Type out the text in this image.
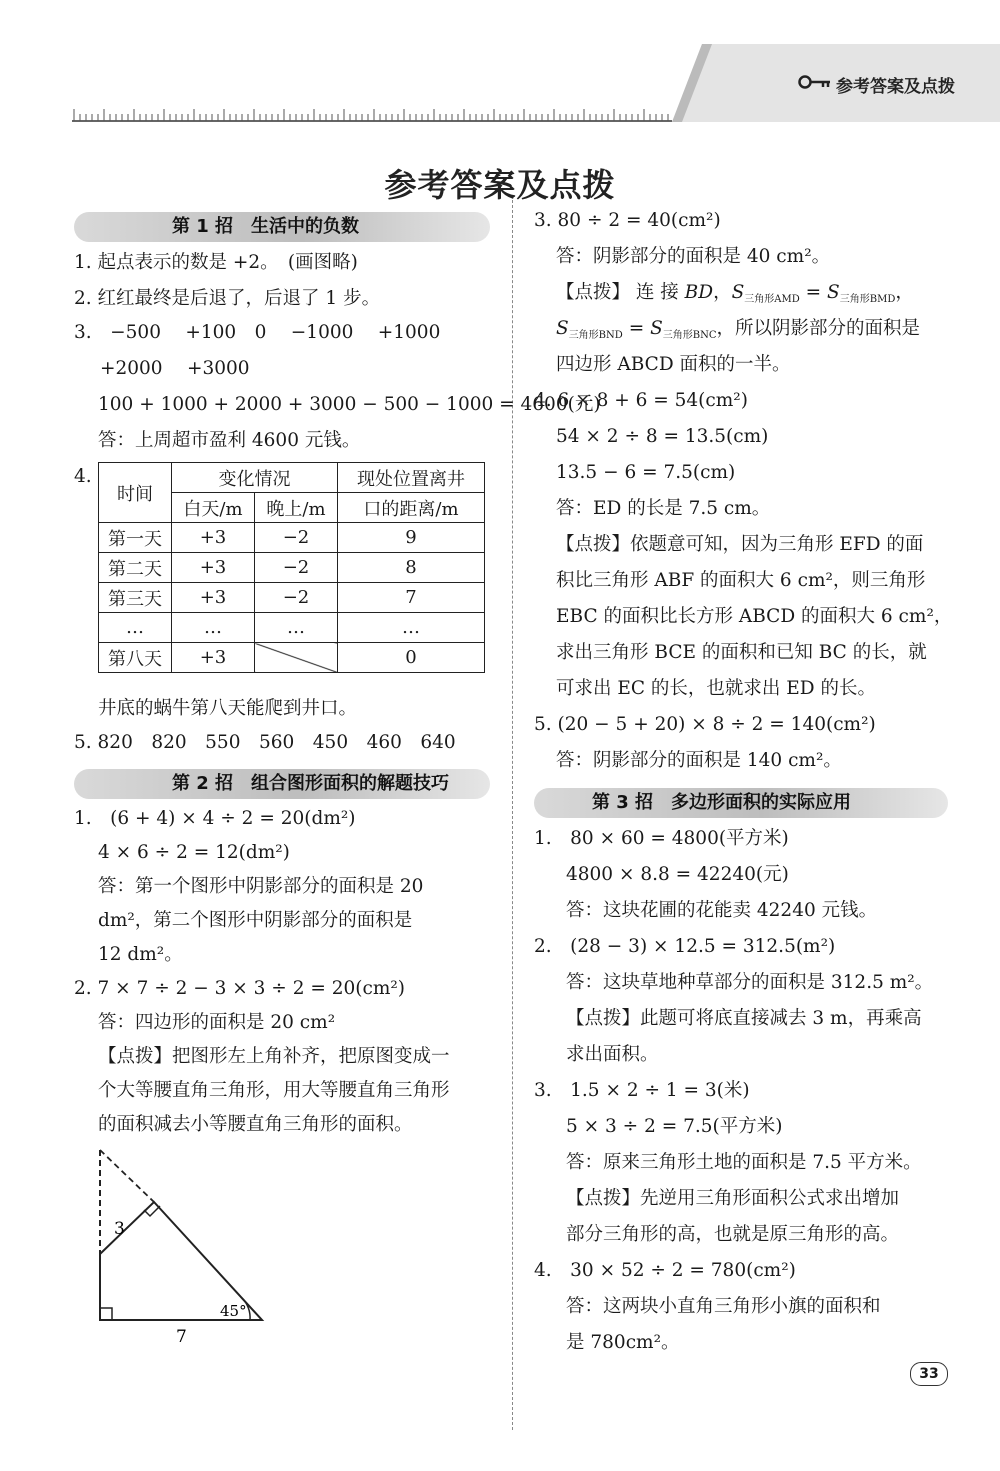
参考答案及点拨
参考答案及点拨
第 1 招　生活中的负数
第 2 招　组合图形面积的解题技巧
第 3 招　多边形面积的实际应用
1. 起点表示的数是 +2。　(画图略)
2. 红红最终是后退了，后退了 1 步。
3.　−500　 +100　0　 −1000　 +1000
+2000　 +3000
100 + 1000 + 2000 + 3000 − 500 − 1000 = 4600(元)
答：上周超市盈利 4600 元钱。
4.
时间	变化情况		现处位置离井
	白天/m	晚上/m	口的距离/m
第一天	+3	−2	9
第二天	+3	−2	8
第三天	+3	−2	7
…	…	…	…
第八天	+3		0
井底的蜗牛第八天能爬到井口。
5. 820　820　550　560　450　460　640
1.　(6 + 4) × 4 ÷ 2 = 20(dm²)
4 × 6 ÷ 2 = 12(dm²)
答：第一个图形中阴影部分的面积是 20
dm²，第二个图形中阴影部分的面积是
12 dm²。
2. 7 × 7 ÷ 2 − 3 × 3 ÷ 2 = 20(cm²)
答：四边形的面积是 20 cm²
【点拨】把图形左上角补齐，把原图变成一
个大等腰直角三角形，用大等腰直角三角形
的面积减去小等腰直角三角形的面积。
3
45°
7
3. 80 ÷ 2 = 40(cm²)
答：阴影部分的面积是 40 cm²。
【点拨】 连 接 BD，$S_{三角形AMD} = S_{三角形BMD}$，
$S_{三角形BND} = S_{三角形BNC}$，所以阴影部分的面积是
四边形 ABCD 面积的一半。
4. 6 × 8 + 6 = 54(cm²)
54 × 2 ÷ 8 = 13.5(cm)
13.5 − 6 = 7.5(cm)
答：ED 的长是 7.5 cm。
【点拨】依题意可知，因为三角形 EFD 的面
积比三角形 ABF 的面积大 6 cm²，则三角形
EBC 的面积比长方形 ABCD 的面积大 6 cm²，
求出三角形 BCE 的面积和已知 BC 的长，就
可求出 EC 的长，也就求出 ED 的长。
5. (20 − 5 + 20) × 8 ÷ 2 = 140(cm²)
答：阴影部分的面积是 140 cm²。
1.　80 × 60 = 4800(平方米)
4800 × 8.8 = 42240(元)
答：这块花圃的花能卖 42240 元钱。
2.　(28 − 3) × 12.5 = 312.5(m²)
答：这块草地种草部分的面积是 312.5 m²。
【点拨】此题可将底直接减去 3 m，再乘高
求出面积。
3.　1.5 × 2 ÷ 1 = 3(米)
5 × 3 ÷ 2 = 7.5(平方米)
答：原来三角形土地的面积是 7.5 平方米。
【点拨】先逆用三角形面积公式求出增加
部分三角形的高，也就是原三角形的高。
4.　30 × 52 ÷ 2 = 780(cm²)
答：这两块小直角三角形小旗的面积和
是 780cm²。
33
